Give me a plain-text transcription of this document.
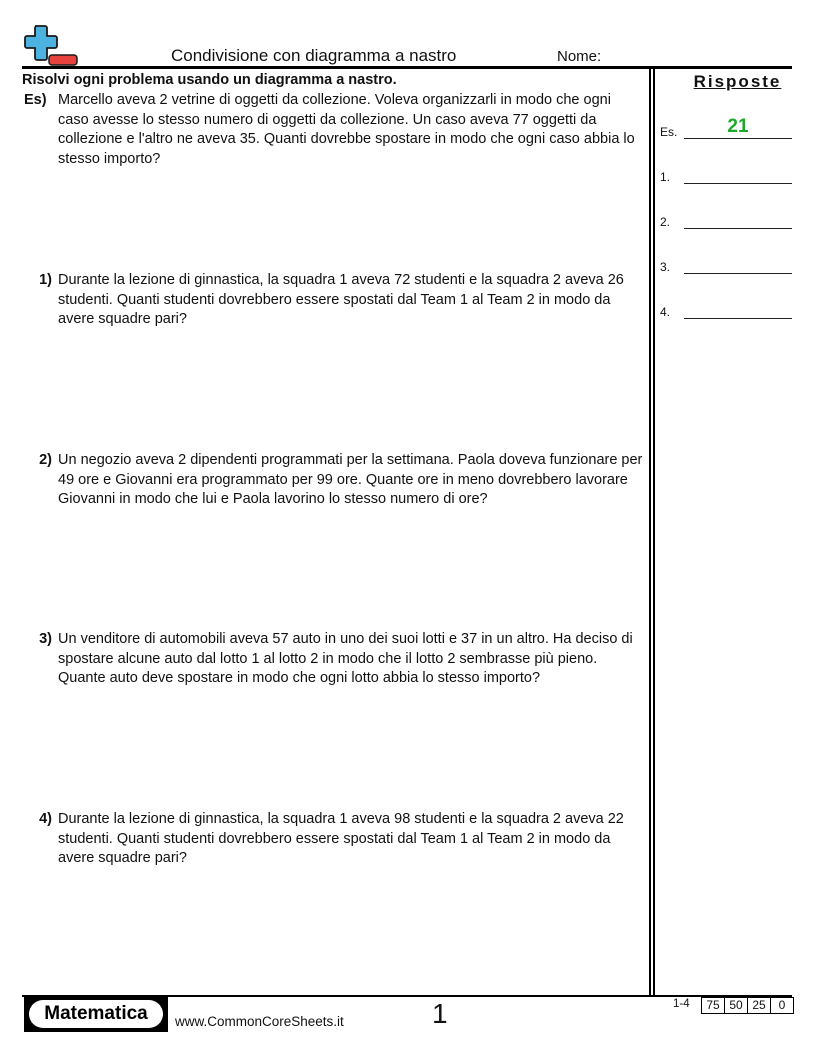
Condivisione con diagramma a nastro	Nome:
Risolvi ogni problema usando un diagramma a nastro.
Es) Marcello aveva 2 vetrine di oggetti da collezione. Voleva organizzarli in modo che ogni caso avesse lo stesso numero di oggetti da collezione. Un caso aveva 77 oggetti da collezione e l'altro ne aveva 35. Quanti dovrebbe spostare in modo che ogni caso abbia lo stesso importo?
1) Durante la lezione di ginnastica, la squadra 1 aveva 72 studenti e la squadra 2 aveva 26 studenti. Quanti studenti dovrebbero essere spostati dal Team 1 al Team 2 in modo da avere squadre pari?
2) Un negozio aveva 2 dipendenti programmati per la settimana. Paola doveva funzionare per 49 ore e Giovanni era programmato per 99 ore. Quante ore in meno dovrebbero lavorare Giovanni in modo che lui e Paola lavorino lo stesso numero di ore?
3) Un venditore di automobili aveva 57 auto in uno dei suoi lotti e 37 in un altro. Ha deciso di spostare alcune auto dal lotto 1 al lotto 2 in modo che il lotto 2 sembrasse più pieno. Quante auto deve spostare in modo che ogni lotto abbia lo stesso importo?
4) Durante la lezione di ginnastica, la squadra 1 aveva 98 studenti e la squadra 2 aveva 22 studenti. Quanti studenti dovrebbero essere spostati dal Team 1 al Team 2 in modo da avere squadre pari?
Risposte
Es.	21
1.
2.
3.
4.
Matematica	www.CommonCoreSheets.it	1	1-4	75 50 25	0
